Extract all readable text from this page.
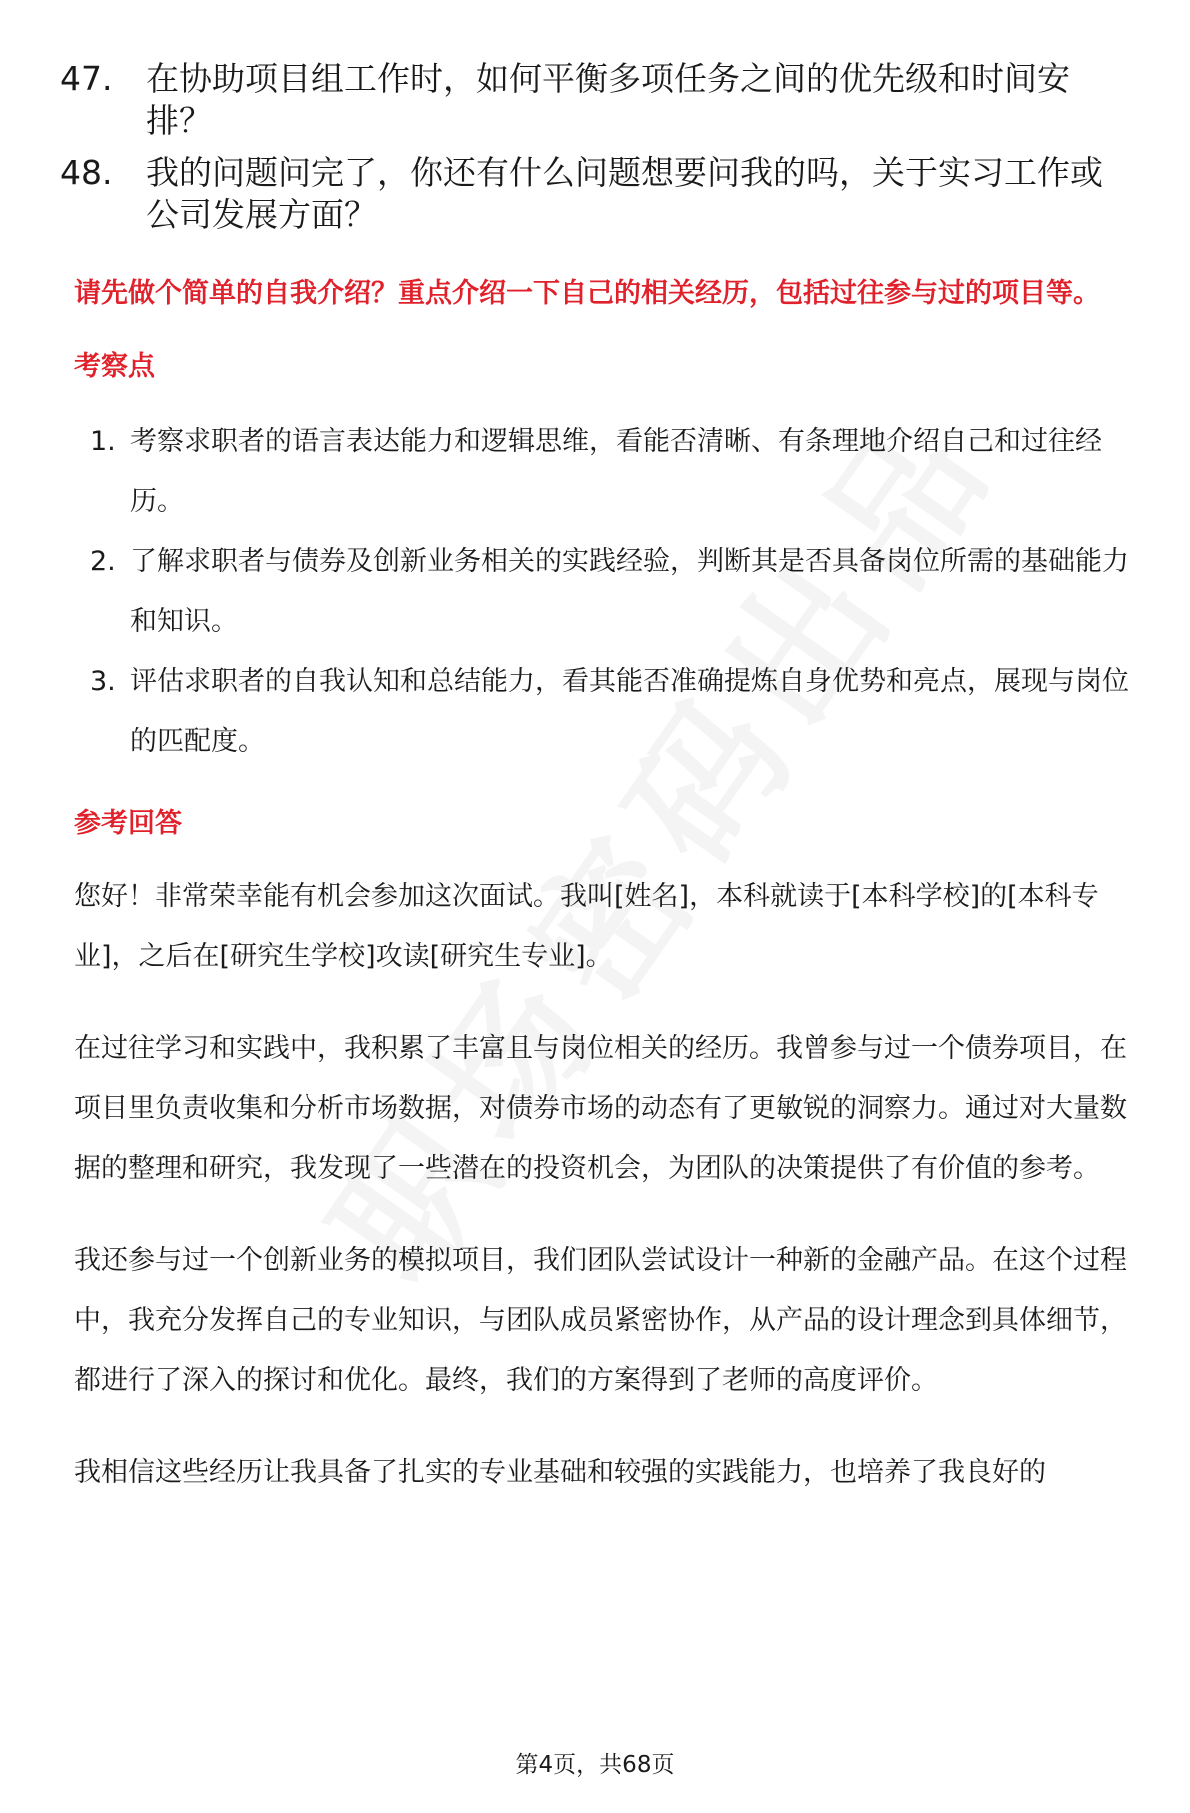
47. 在协助项目组工作时，如何平衡多项任务之间的优先级和时间安排？
48. 我的问题问完了，你还有什么问题想要问我的吗，关于实习工作或公司发展方面？

请先做个简单的自我介绍？重点介绍一下自己的相关经历，包括过往参与过的项目等。

考察点

1. 考察求职者的语言表达能力和逻辑思维，看能否清晰、有条理地介绍自己和过往经历。
2. 了解求职者与债券及创新业务相关的实践经验，判断其是否具备岗位所需的基础能力和知识。
3. 评估求职者的自我认知和总结能力，看其能否准确提炼自身优势和亮点，展现与岗位的匹配度。

参考回答

您好！非常荣幸能有机会参加这次面试。我叫[姓名]，本科就读于[本科学校]的[本科专业]，之后在[研究生学校]攻读[研究生专业]。

在过往学习和实践中，我积累了丰富且与岗位相关的经历。我曾参与过一个债券项目，在项目里负责收集和分析市场数据，对债券市场的动态有了更敏锐的洞察力。通过对大量数据的整理和研究，我发现了一些潜在的投资机会，为团队的决策提供了有价值的参考。

我还参与过一个创新业务的模拟项目，我们团队尝试设计一种新的金融产品。在这个过程中，我充分发挥自己的专业知识，与团队成员紧密协作，从产品的设计理念到具体细节，都进行了深入的探讨和优化。最终，我们的方案得到了老师的高度评价。

我相信这些经历让我具备了扎实的专业基础和较强的实践能力，也培养了我良好的

第4页，共68页
